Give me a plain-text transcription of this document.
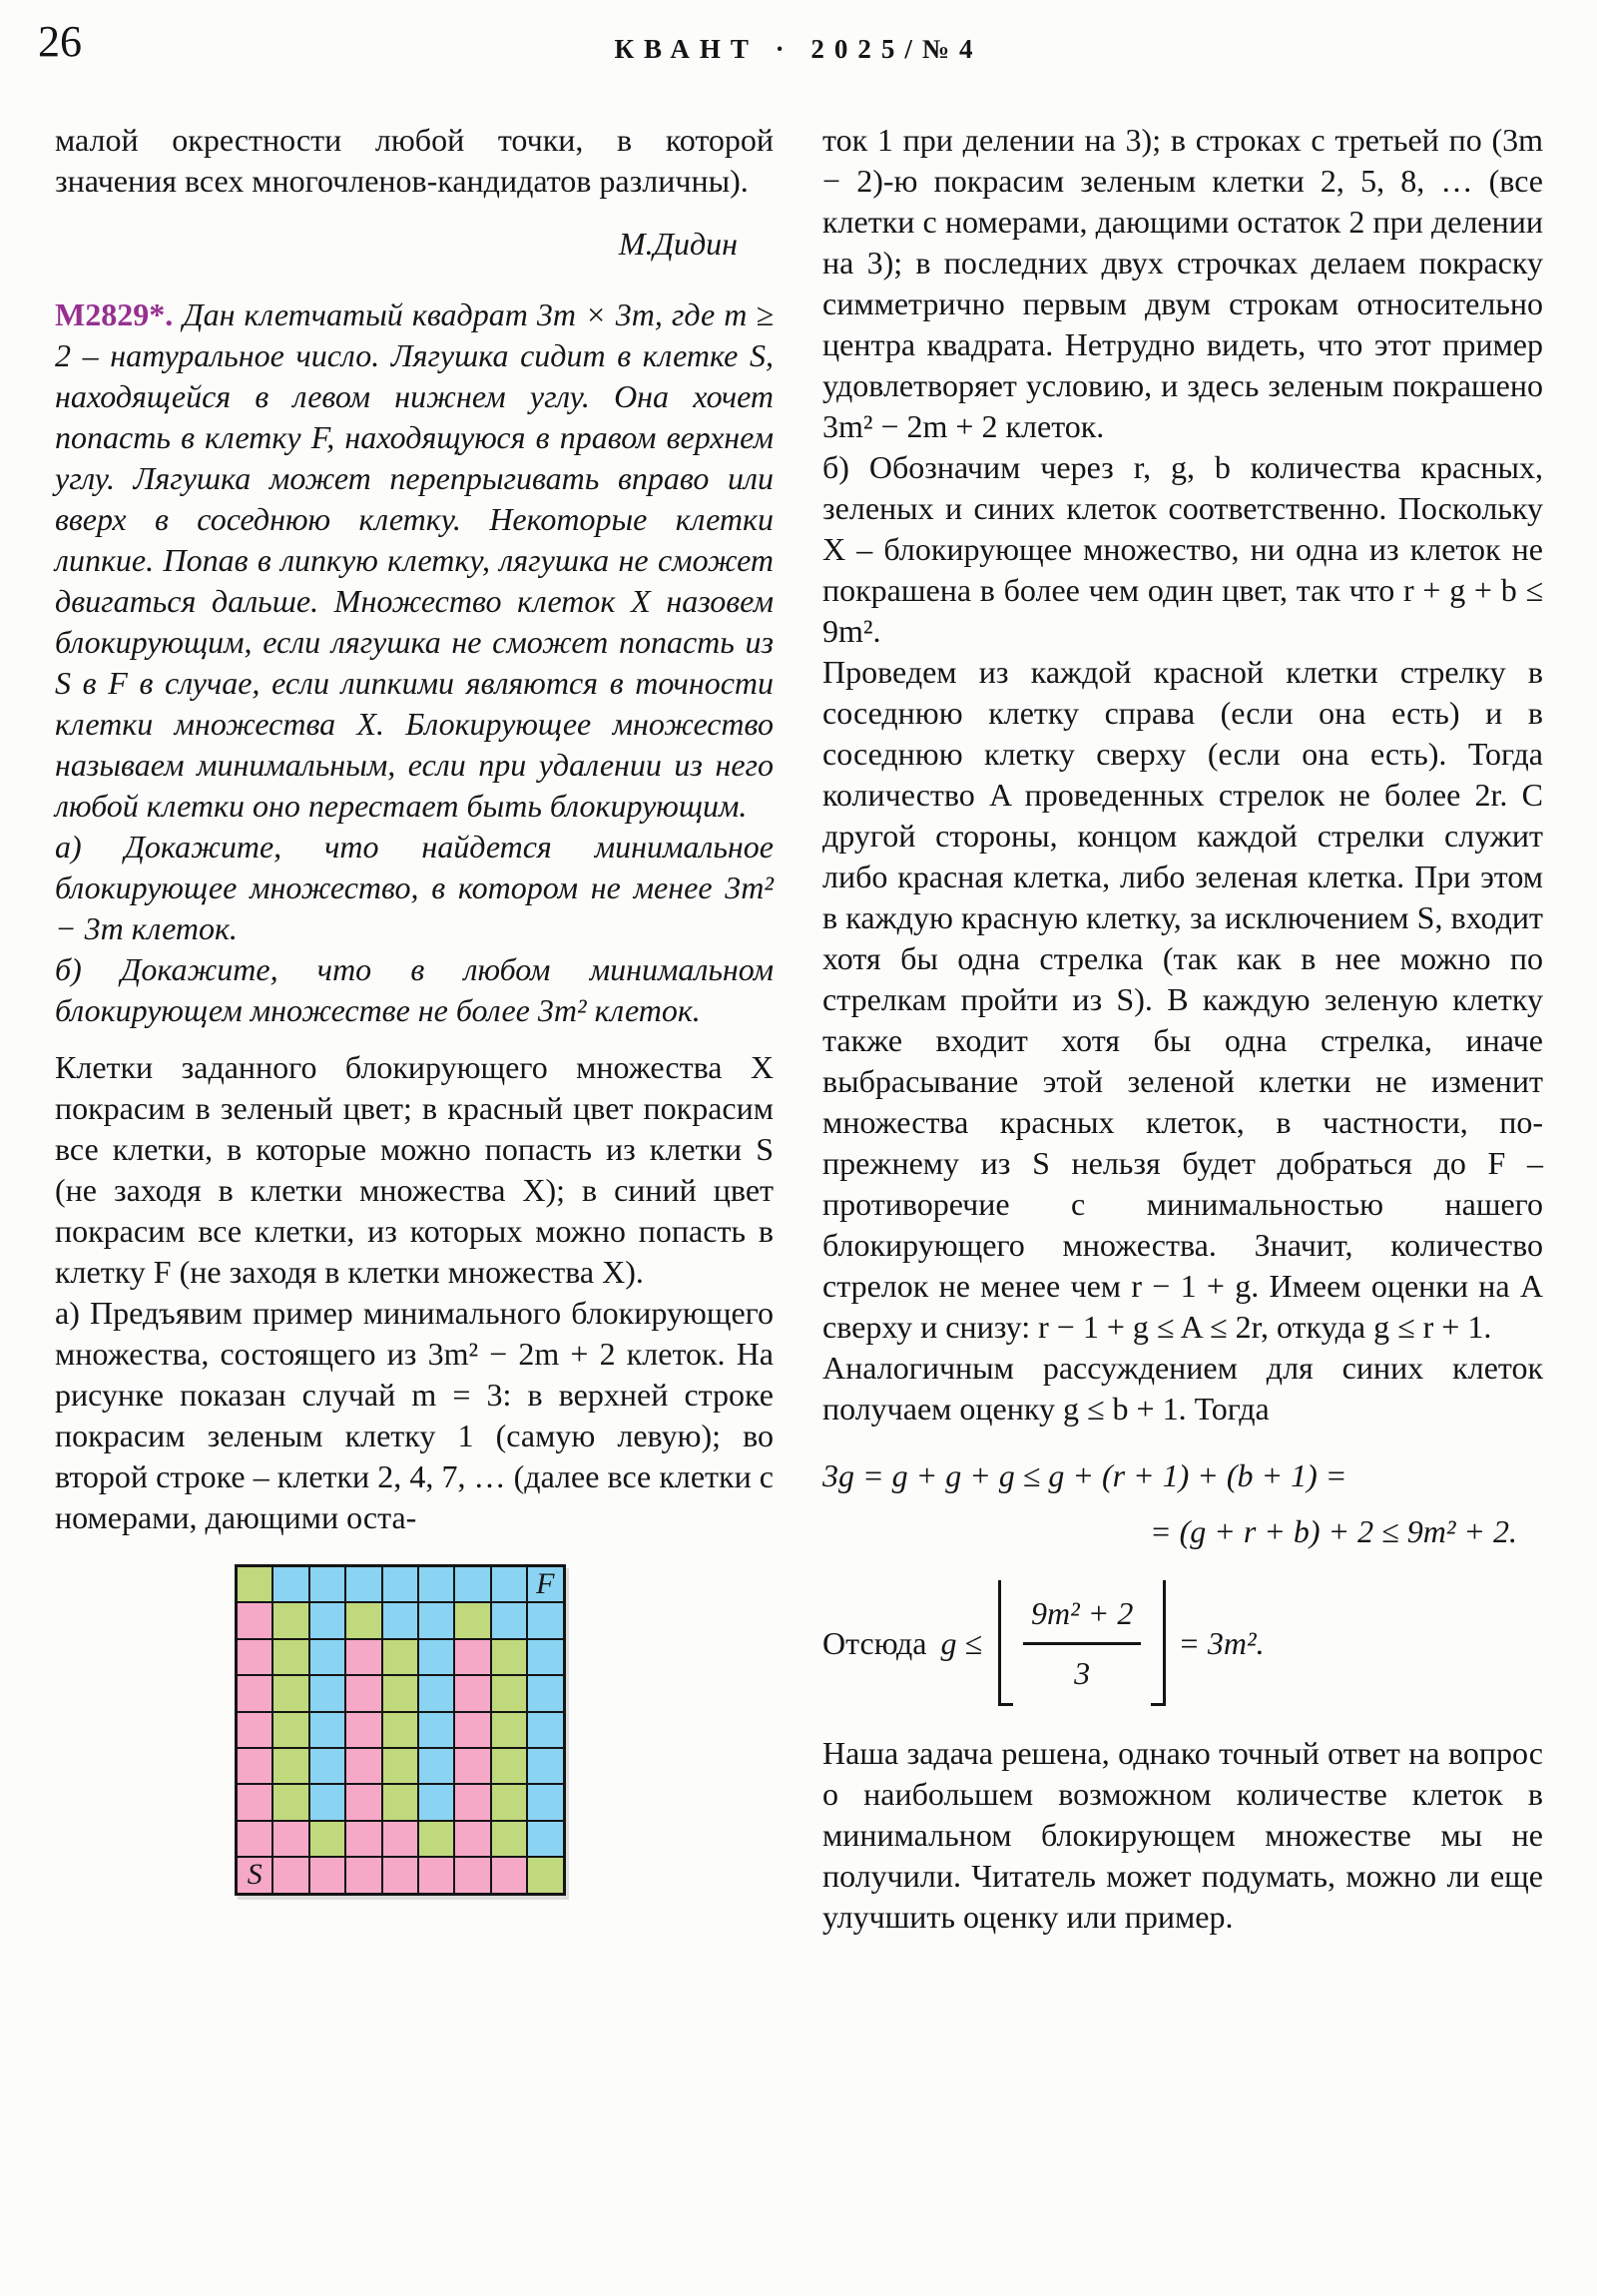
26	КВАНТ · 2025/№4

малой окрестности любой точки, в которой значения всех многочленов-кандидатов различны).

М.Дидин

М2829*. Дан клетчатый квадрат 3m × 3m, где m ≥ 2 – натуральное число. Лягушка сидит в клетке S, находящейся в левом нижнем углу. Она хочет попасть в клетку F, находящуюся в правом верхнем углу. Лягушка может перепрыгивать вправо или вверх в соседнюю клетку. Некоторые клетки липкие. Попав в липкую клетку, лягушка не сможет двигаться дальше. Множество клеток X назовем блокирующим, если лягушка не сможет попасть из S в F в случае, если липкими являются в точности клетки множества X. Блокирующее множество называем минимальным, если при удалении из него любой клетки оно перестает быть блокирующим.

а) Докажите, что найдется минимальное блокирующее множество, в котором не менее 3m² − 3m клеток.

б) Докажите, что в любом минимальном блокирующем множестве не более 3m² клеток.

Клетки заданного блокирующего множества X покрасим в зеленый цвет; в красный цвет покрасим все клетки, в которые можно попасть из клетки S (не заходя в клетки множества X); в синий цвет покрасим все клетки, из которых можно попасть в клетку F (не заходя в клетки множества X).

а) Предъявим пример минимального блокирующего множества, состоящего из 3m² − 2m + 2 клеток. На рисунке показан случай m = 3: в верхней строке покрасим зеленым клетку 1 (самую левую); во второй строке – клетки 2, 4, 7, … (далее все клетки с номерами, дающими оста-

F
S

ток 1 при делении на 3); в строках с третьей по (3m − 2)-ю покрасим зеленым клетки 2, 5, 8, … (все клетки с номерами, дающими остаток 2 при делении на 3); в последних двух строчках делаем покраску симметрично первым двум строкам относительно центра квадрата. Нетрудно видеть, что этот пример удовлетворяет условию, и здесь зеленым покрашено 3m² − 2m + 2 клеток.

б) Обозначим через r, g, b количества красных, зеленых и синих клеток соответственно. Поскольку X – блокирующее множество, ни одна из клеток не покрашена в более чем один цвет, так что r + g + b ≤ 9m².

Проведем из каждой красной клетки стрелку в соседнюю клетку справа (если она есть) и в соседнюю клетку сверху (если она есть). Тогда количество A проведенных стрелок не более 2r. С другой стороны, концом каждой стрелки служит либо красная клетка, либо зеленая клетка. При этом в каждую красную клетку, за исключением S, входит хотя бы одна стрелка (так как в нее можно по стрелкам пройти из S). В каждую зеленую клетку также входит хотя бы одна стрелка, иначе выбрасывание этой зеленой клетки не изменит множества красных клеток, в частности, по-прежнему из S нельзя будет добраться до F – противоречие с минимальностью нашего блокирующего множества. Значит, количество стрелок не менее чем r − 1 + g. Имеем оценки на A сверху и снизу: r − 1 + g ≤ A ≤ 2r, откуда g ≤ r + 1.

Аналогичным рассуждением для синих клеток получаем оценку g ≤ b + 1. Тогда

3g = g + g + g ≤ g + (r + 1) + (b + 1) =
= (g + r + b) + 2 ≤ 9m² + 2.
Отсюда $g \le \frac{\text{9m² + 2}}{3} = 3m^2$.

Наша задача решена, однако точный ответ на вопрос о наибольшем возможном количестве клеток в минимальном блокирующем множестве мы не получили. Читатель может подумать, можно ли еще улучшить оценку или пример.
